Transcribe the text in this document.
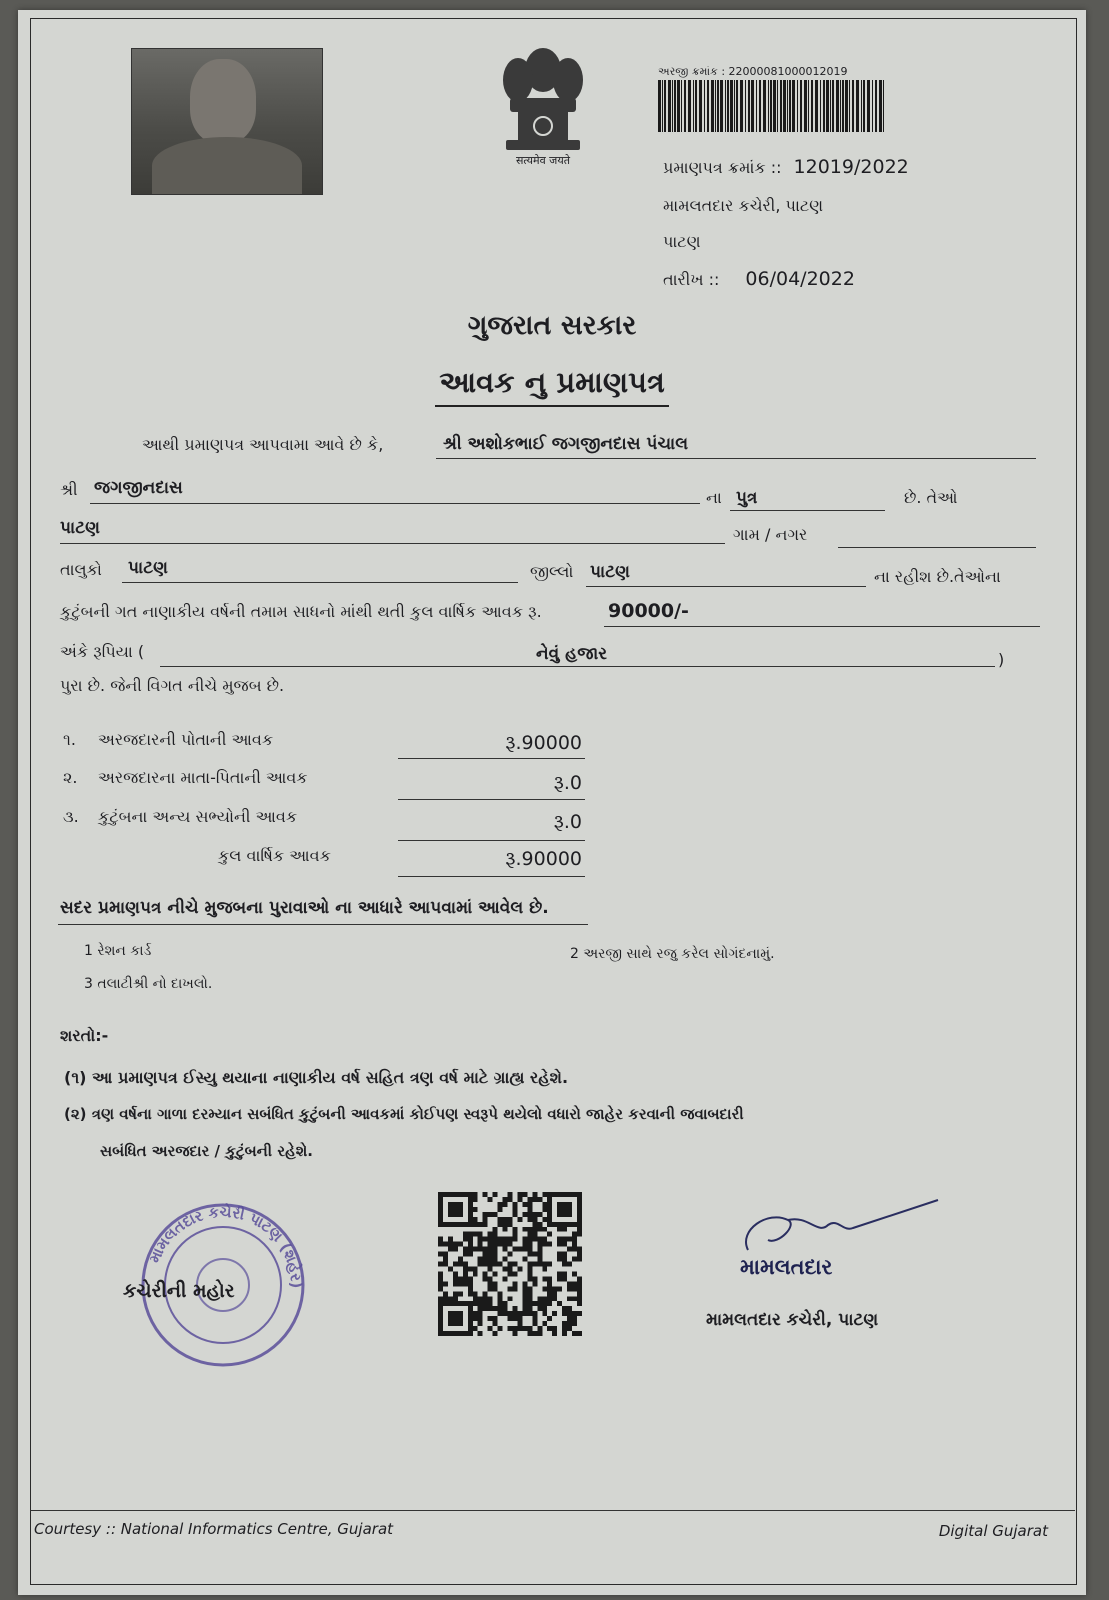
सत्यमेव जयते
અરજી ક્રમાંક : 22000081000012019
પ્રમાણપત્ર ક્રમાંક :: 12019/2022
મામલતદાર કચેરી, પાટણ
પાટણ
તારીખ :: 06/04/2022
ગુજરાત સરકાર
આવક નુ પ્રમાણપત્ર
આથી પ્રમાણપત્ર આપવામા આવે છે કે,	શ્રી અશોકભાઈ જગજીનદાસ પંચાલ
શ્રી જગજીનદાસ	ના પુત્ર	છે. તેઓ
પાટણ	ગામ / નગર
તાલુકો પાટણ	જીલ્લો પાટણ	ના રહીશ છે.તેઓના
કુટુંબની ગત નાણાકીય વર્ષની તમામ સાધનો માંથી થતી કુલ વાર્ષિક આવક રૂ.	90000/-
અંકે રૂપિયા (	નેવું હજાર	)
પુરા છે. જેની વિગત નીચે મુજબ છે.
૧. અરજદારની પોતાની આવક	રૂ.90000
૨. અરજદારના માતા-પિતાની આવક	રૂ.0
૩. કુટુંબના અન્ય સભ્યોની આવક	રૂ.0
કુલ વાર્ષિક આવક	રૂ.90000
સદર પ્રમાણપત્ર નીચે મુજબના પુરાવાઓ ના આધારે આપવામાં આવેલ છે.
1 રેશન કાર્ડ	2 અરજી સાથે રજુ કરેલ સોગંદનામું.
3 તલાટીશ્રી નો દાખલો.
શરતો:-
(૧) આ પ્રમાણપત્ર ઈસ્યુ થયાના નાણાકીય વર્ષ સહિત ત્રણ વર્ષ માટે ગ્રાહ્ય રહેશે.
(૨) ત્રણ વર્ષના ગાળા દરમ્યાન સબંધિત કુટુંબની આવકમાં કોઈપણ સ્વરૂપે થયેલો વધારો જાહેર કરવાની જવાબદારી
સબંધિત અરજદાર / કુટુંબની રહેશે.
મામલતદાર કચેરી પાટણ (શહેર)
કચેરીની મહોર
મામલતદાર
મામલતદાર કચેરી, પાટણ
Courtesy :: National Informatics Centre, Gujarat	Digital Gujarat
